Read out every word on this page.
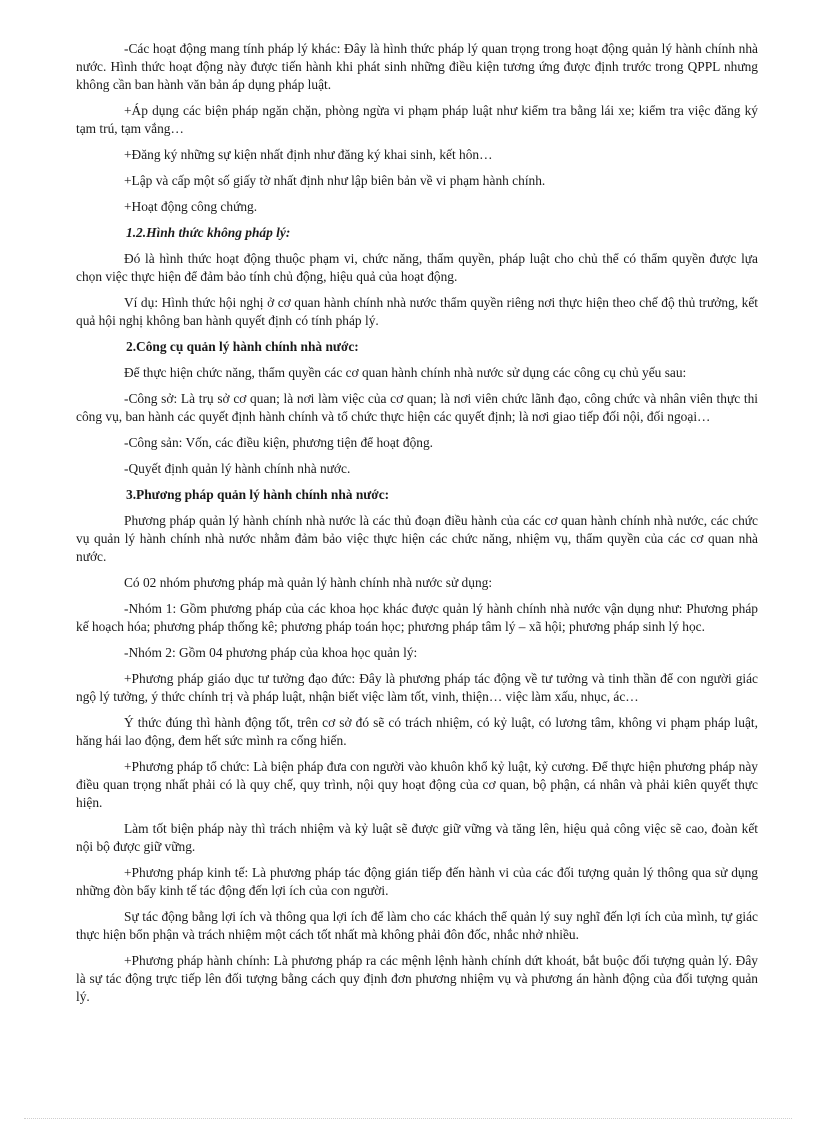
-Các hoạt động mang tính pháp lý khác: Đây là hình thức pháp lý quan trọng trong hoạt động quản lý hành chính nhà nước. Hình thức hoạt động này được tiến hành khi phát sinh những điều kiện tương ứng được định trước trong QPPL nhưng không cần ban hành văn bản áp dụng pháp luật.

+Áp dụng các biện pháp ngăn chặn, phòng ngừa vi phạm pháp luật như kiểm tra bằng lái xe; kiểm tra việc đăng ký tạm trú, tạm vắng…

+Đăng ký những sự kiện nhất định như đăng ký khai sinh, kết hôn…

+Lập và cấp một số giấy tờ nhất định như lập biên bản về vi phạm hành chính.

+Hoạt động công chứng.

1.2.Hình thức không pháp lý:

Đó là hình thức hoạt động thuộc phạm vi, chức năng, thẩm quyền, pháp luật cho chủ thể có thẩm quyền được lựa chọn việc thực hiện để đảm bảo tính chủ động, hiệu quả của hoạt động.

Ví dụ: Hình thức hội nghị ở cơ quan hành chính nhà nước thẩm quyền riêng nơi thực hiện theo chế độ thủ trưởng, kết quả hội nghị không ban hành quyết định có tính pháp lý.

2.Công cụ quản lý hành chính nhà nước:

Để thực hiện chức năng, thẩm quyền các cơ quan hành chính nhà nước sử dụng các công cụ chủ yếu sau:

-Công sở: Là trụ sở cơ quan; là nơi làm việc của cơ quan; là nơi viên chức lãnh đạo, công chức và nhân viên thực thi công vụ, ban hành các quyết định hành chính và tổ chức thực hiện các quyết định; là nơi giao tiếp đối nội, đối ngoại…

-Công sản: Vốn, các điều kiện, phương tiện để hoạt động.

-Quyết định quản lý hành chính nhà nước.

3.Phương pháp quản lý hành chính nhà nước:

Phương pháp quản lý hành chính nhà nước là các thủ đoạn điều hành của các cơ quan hành chính nhà nước, các chức vụ quản lý hành chính nhà nước nhằm đảm bảo việc thực hiện các chức năng, nhiệm vụ, thẩm quyền của các cơ quan nhà nước.

Có 02 nhóm phương pháp mà quản lý hành chính nhà nước sử dụng:

-Nhóm 1: Gồm phương pháp của các khoa học khác được quản lý hành chính nhà nước vận dụng như: Phương pháp kế hoạch hóa; phương pháp thống kê; phương pháp toán học; phương pháp tâm lý – xã hội; phương pháp sinh lý học.

-Nhóm 2: Gồm 04 phương pháp của khoa học quản lý:

+Phương pháp giáo dục tư tưởng đạo đức: Đây là phương pháp tác động về tư tưởng và tinh thần để con người giác ngộ lý tưởng, ý thức chính trị và pháp luật, nhận biết việc làm tốt, vinh, thiện… việc làm xấu, nhục, ác…

Ý thức đúng thì hành động tốt, trên cơ sở đó sẽ có trách nhiệm, có kỷ luật, có lương tâm, không vi phạm pháp luật, hăng hái lao động, đem hết sức mình ra cống hiến.

+Phương pháp tổ chức: Là biện pháp đưa con người vào khuôn khổ kỷ luật, kỷ cương. Để thực hiện phương pháp này điều quan trọng nhất phải có là quy chế, quy trình, nội quy hoạt động của cơ quan, bộ phận, cá nhân và phải kiên quyết thực hiện.

Làm tốt biện pháp này thì trách nhiệm và kỷ luật sẽ được giữ vững và tăng lên, hiệu quả công việc sẽ cao, đoàn kết nội bộ được giữ vững.

+Phương pháp kinh tế: Là phương pháp tác động gián tiếp đến hành vi của các đối tượng quản lý thông qua sử dụng những đòn bẩy kinh tế tác động đến lợi ích của con người.

Sự tác động bằng lợi ích và thông qua lợi ích để làm cho các khách thể quản lý suy nghĩ đến lợi ích của mình, tự giác thực hiện bổn phận và trách nhiệm một cách tốt nhất mà không phải đôn đốc, nhắc nhở nhiều.

+Phương pháp hành chính: Là phương pháp ra các mệnh lệnh hành chính dứt khoát, bắt buộc đối tượng quản lý. Đây là sự tác động trực tiếp lên đối tượng bằng cách quy định đơn phương nhiệm vụ và phương án hành động của đối tượng quản lý.
